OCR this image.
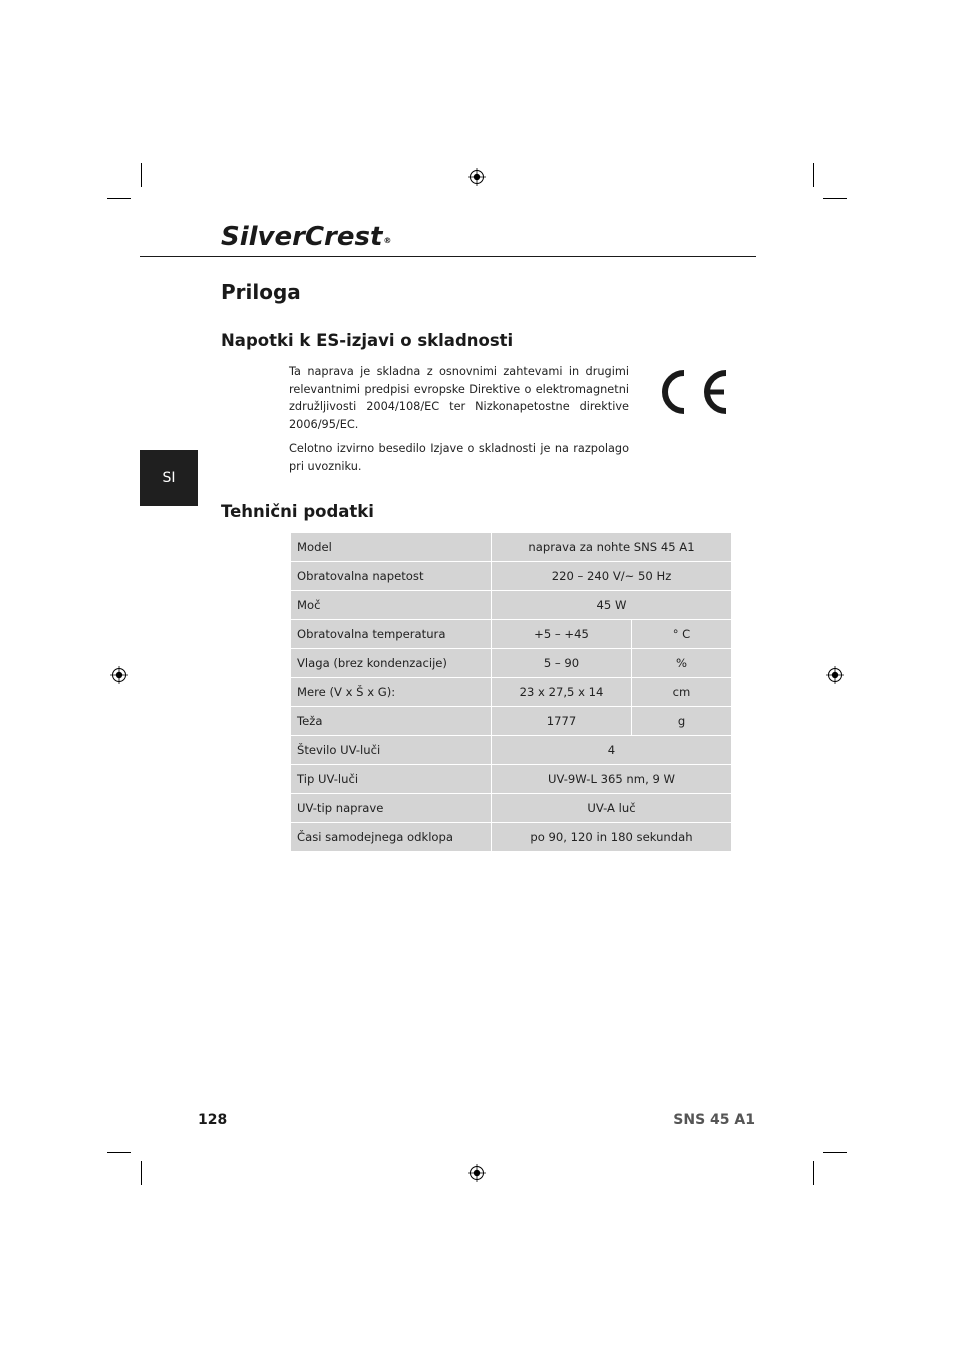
SilverCrest®
Priloga
Napotki k ES-izjavi o skladnosti
Ta naprava je skladna z osnovnimi zahtevami in drugimi relevantnimi predpisi evropske Direktive o elektromagnetni združljivosti 2004/108/EC ter Nizkonapetostne direktive 2006/95/EC.
Celotno izvirno besedilo Izjave o skladnosti je na razpolago pri uvozniku.
SI
Tehnični podatki
Model	naprava za nohte SNS 45 A1	
Obratovalna napetost	220 – 240 V/~ 50 Hz	
Moč	45 W	
Obratovalna temperatura	+5 – +45	° C
Vlaga (brez kondenzacije)	5 – 90	%
Mere (V x Š x G):	23 x 27,5 x 14	cm
Teža	1777	g
Število UV-luči	4	
Tip UV-luči	UV-9W-L 365 nm, 9 W	
UV-tip naprave	UV-A luč	
Časi samodejnega odklopa	po 90, 120 in 180 sekundah	
128	SNS 45 A1
